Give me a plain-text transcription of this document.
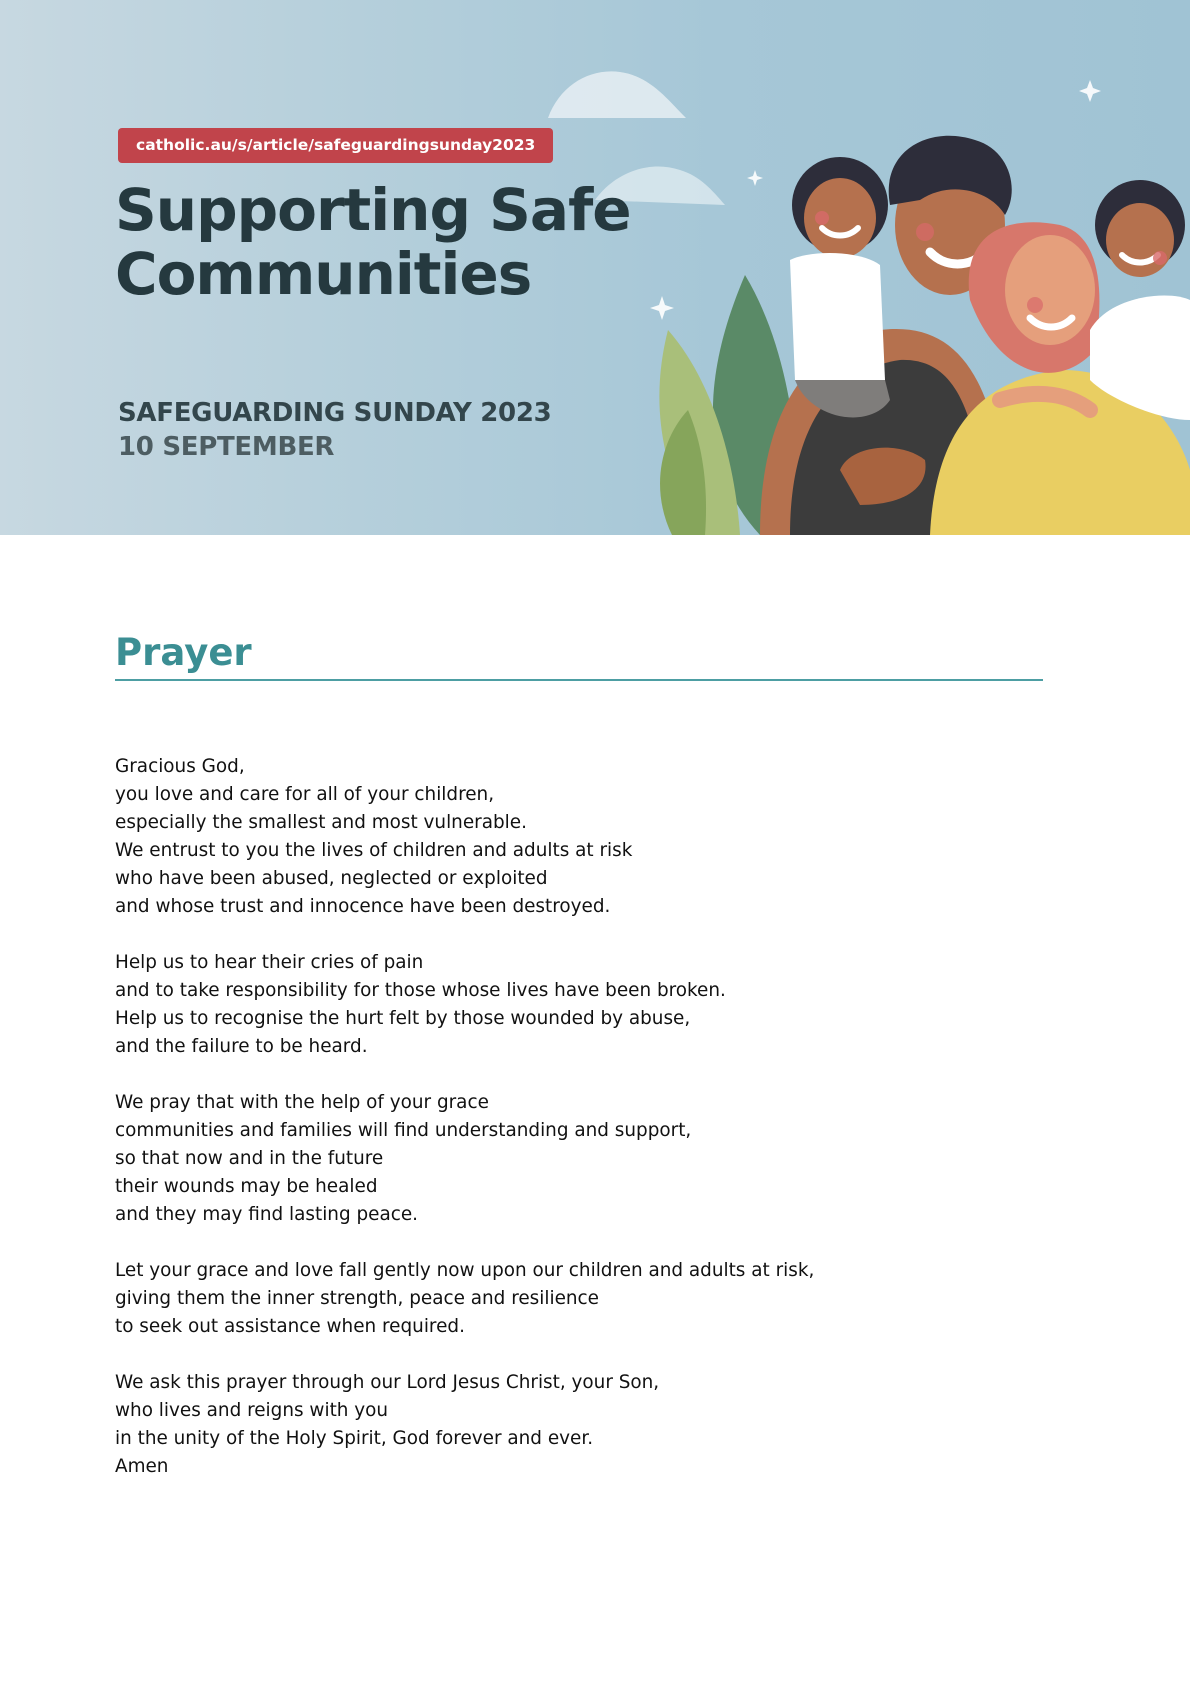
catholic.au/s/article/safeguardingsunday2023
Supporting Safe
Communities

SAFEGUARDING SUNDAY 2023

10 SEPTEMBER

Prayer
Gracious God,
you love and care for all of your children,
especially the smallest and most vulnerable.
We entrust to you the lives of children and adults at risk
who have been abused, neglected or exploited
and whose trust and innocence have been destroyed.
Help us to hear their cries of pain
and to take responsibility for those whose lives have been broken.
Help us to recognise the hurt felt by those wounded by abuse,
and the failure to be heard.
We pray that with the help of your grace
communities and families will find understanding and support,
so that now and in the future
their wounds may be healed
and they may find lasting peace.
Let your grace and love fall gently now upon our children and adults at risk,
giving them the inner strength, peace and resilience
to seek out assistance when required.
We ask this prayer through our Lord Jesus Christ, your Son,
who lives and reigns with you
in the unity of the Holy Spirit, God forever and ever.
Amen
